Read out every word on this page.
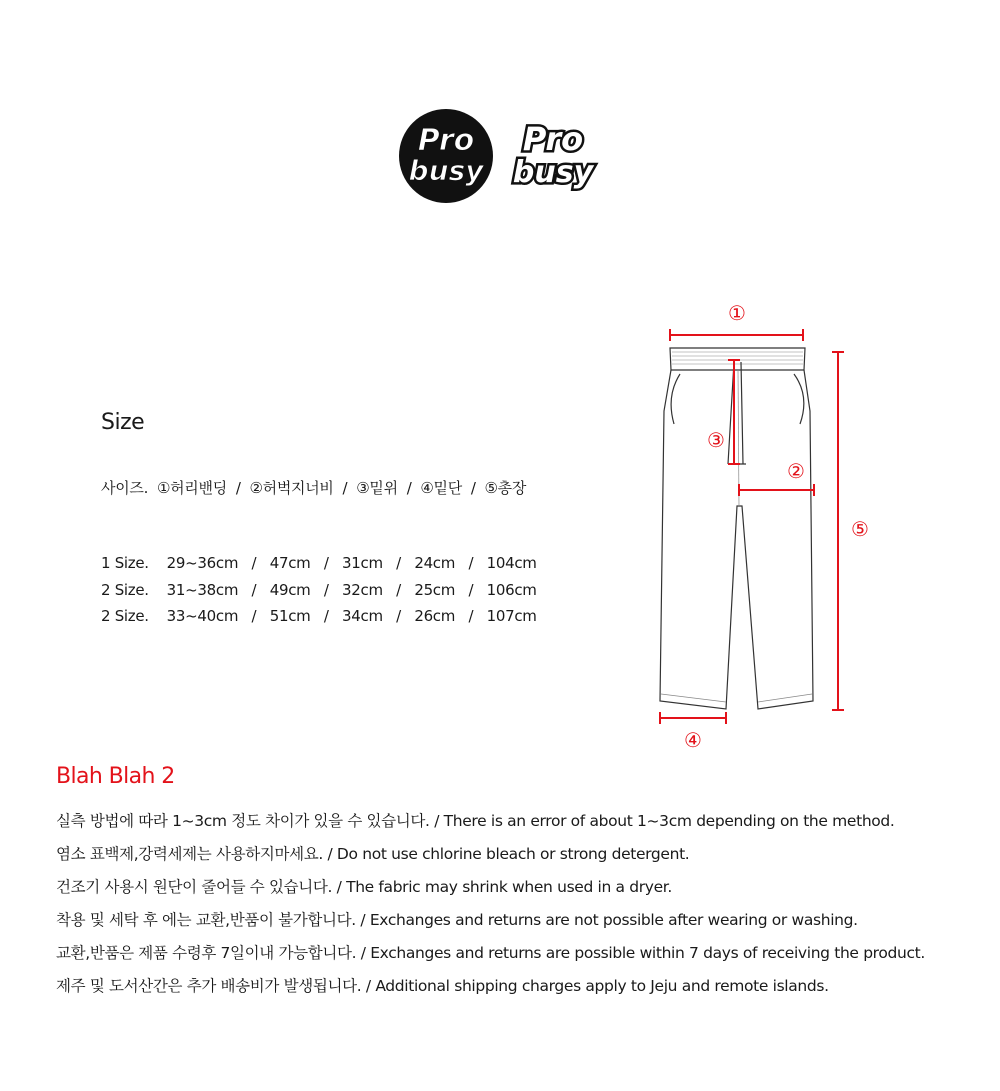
Pro
busy
Pro
busy
Size
사이즈.  ①허리밴딩  /  ②허벅지너비  /  ③밑위  /  ④밑단  /  ⑤총장
1 Size.    29~36cm   /   47cm   /   31cm   /   24cm   /   104cm
2 Size.    31~38cm   /   49cm   /   32cm   /   25cm   /   106cm
2 Size.    33~40cm   /   51cm   /   34cm   /   26cm   /   107cm
①
②
③
④
⑤
Blah Blah 2
실측 방법에 따라 1~3cm 정도 차이가 있을 수 있습니다. / There is an error of about 1~3cm depending on the method.
염소 표백제,강력세제는 사용하지마세요. / Do not use chlorine bleach or strong detergent.
건조기 사용시 원단이 줄어들 수 있습니다. / The fabric may shrink when used in a dryer.
착용 및 세탁 후 에는 교환,반품이 불가합니다. / Exchanges and returns are not possible after wearing or washing.
교환,반품은 제품 수령후 7일이내 가능합니다. / Exchanges and returns are possible within 7 days of receiving the product.
제주 및 도서산간은 추가 배송비가 발생됩니다. / Additional shipping charges apply to Jeju and remote islands.
